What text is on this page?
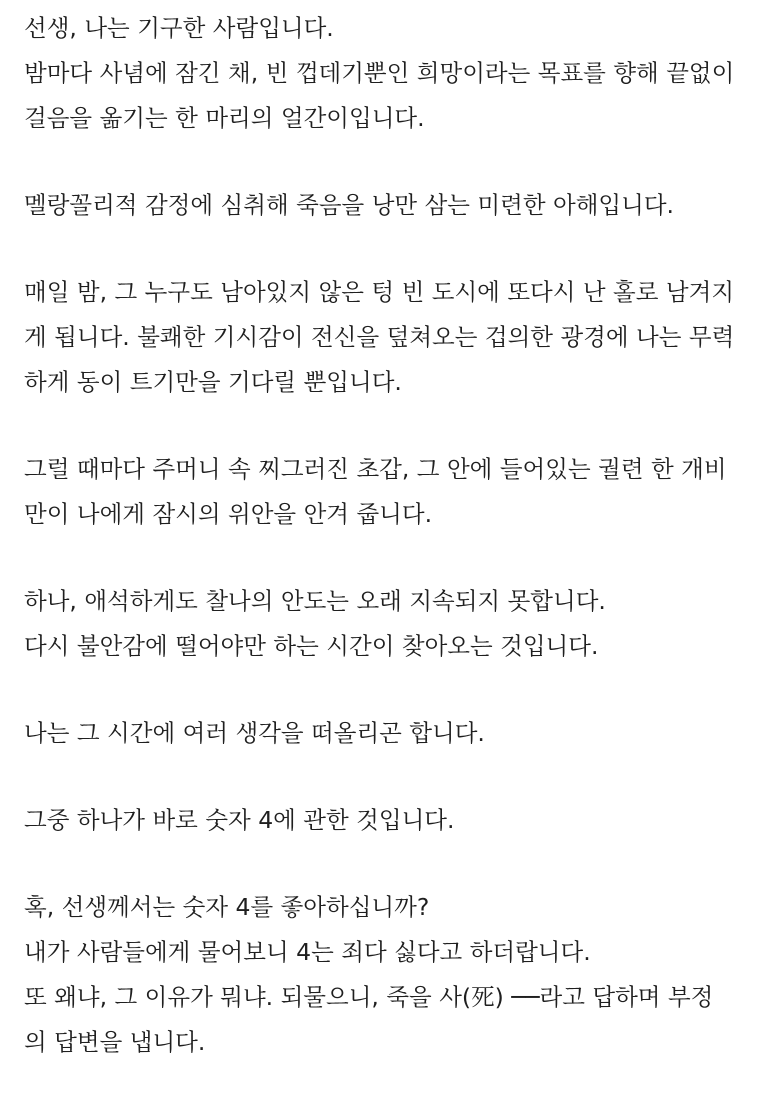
선생, 나는 기구한 사람입니다.
밤마다 사념에 잠긴 채, 빈 껍데기뿐인 희망이라는 목표를 향해 끝없이
걸음을 옮기는 한 마리의 얼간이입니다.
멜랑꼴리적 감정에 심취해 죽음을 낭만 삼는 미련한 아해입니다.
매일 밤, 그 누구도 남아있지 않은 텅 빈 도시에 또다시 난 홀로 남겨지
게 됩니다. 불쾌한 기시감이 전신을 덮쳐오는 겁의한 광경에 나는 무력
하게 동이 트기만을 기다릴 뿐입니다.
그럴 때마다 주머니 속 찌그러진 초갑, 그 안에 들어있는 궐련 한 개비
만이 나에게 잠시의 위안을 안겨 줍니다.
하나, 애석하게도 찰나의 안도는 오래 지속되지 못합니다.
다시 불안감에 떨어야만 하는 시간이 찾아오는 것입니다.
나는 그 시간에 여러 생각을 떠올리곤 합니다.
그중 하나가 바로 숫자 4에 관한 것입니다.
혹, 선생께서는 숫자 4를 좋아하십니까?
내가 사람들에게 물어보니 4는 죄다 싫다고 하더랍니다.
또 왜냐, 그 이유가 뭐냐. 되물으니, 죽을 사(死) ──라고 답하며 부정
의 답변을 냅니다.
